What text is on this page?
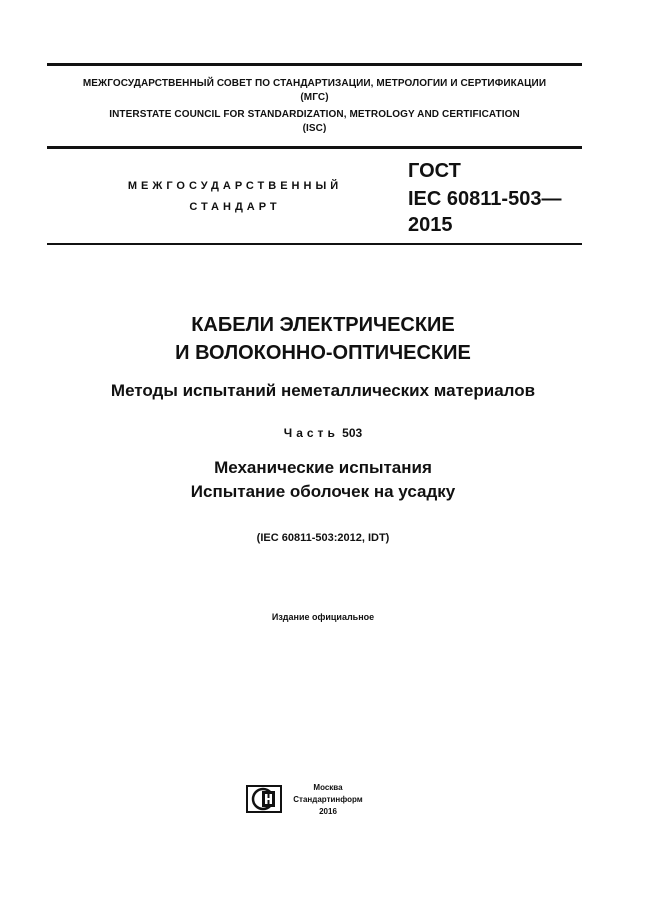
МЕЖГОСУДАРСТВЕННЫЙ СОВЕТ ПО СТАНДАРТИЗАЦИИ, МЕТРОЛОГИИ И СЕРТИФИКАЦИИ
(МГС)
INTERSTATE COUNCIL FOR STANDARDIZATION, METROLOGY AND CERTIFICATION
(ISC)
МЕЖГОСУДАРСТВЕННЫЙ
СТАНДАРТ
ГОСТ
IEC 60811-503—
2015
КАБЕЛИ ЭЛЕКТРИЧЕСКИЕ
И ВОЛОКОННО-ОПТИЧЕСКИЕ
Методы испытаний неметаллических материалов
Часть 503
Механические испытания
Испытание оболочек на усадку
(IEC 60811-503:2012, IDT)
Издание официальное
Москва
Стандартинформ
2016
